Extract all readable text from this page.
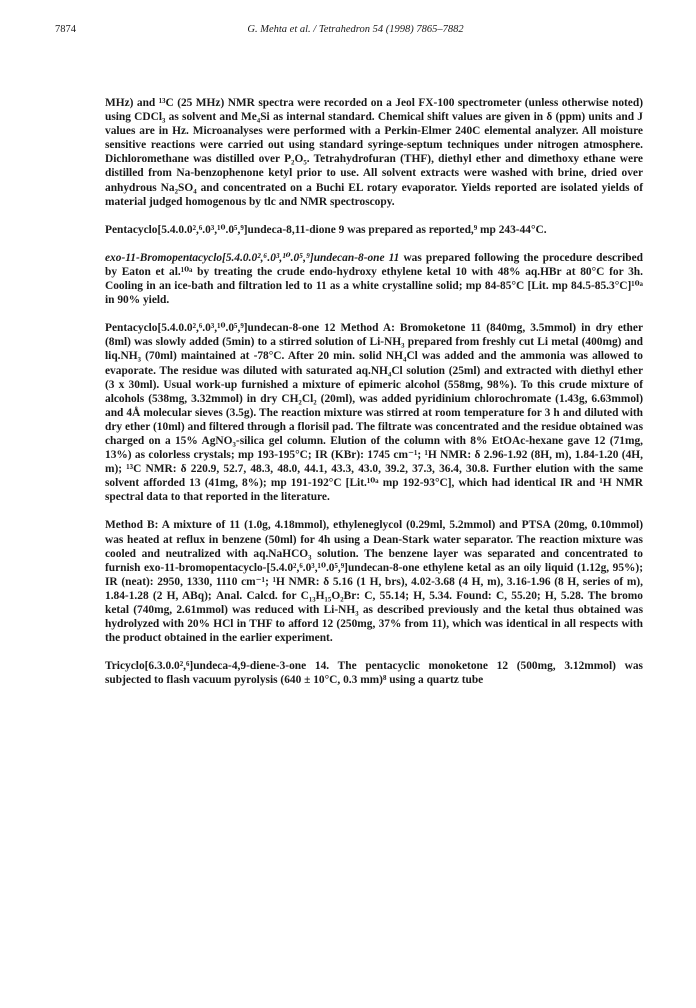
7874	G. Mehta et al. / Tetrahedron 54 (1998) 7865–7882

MHz) and ¹³C (25 MHz) NMR spectra were recorded on a Jeol FX-100 spectrometer (unless otherwise noted) using CDCl₃ as solvent and Me₄Si as internal standard. Chemical shift values are given in δ (ppm) units and J values are in Hz. Microanalyses were performed with a Perkin-Elmer 240C elemental analyzer. All moisture sensitive reactions were carried out using standard syringe-septum techniques under nitrogen atmosphere. Dichloromethane was distilled over P₂O₅. Tetrahydrofuran (THF), diethyl ether and dimethoxy ethane were distilled from Na-benzophenone ketyl prior to use. All solvent extracts were washed with brine, dried over anhydrous Na₂SO₄ and concentrated on a Buchi EL rotary evaporator. Yields reported are isolated yields of material judged homogenous by tlc and NMR spectroscopy.

Pentacyclo[5.4.0.0²,⁶.0³,¹⁰.0⁵,⁹]undeca-8,11-dione 9 was prepared as reported,⁹ mp 243-44°C.

exo-11-Bromopentacyclo[5.4.0.0²,⁶.0³,¹⁰.0⁵,⁹]undecan-8-one 11 was prepared following the procedure described by Eaton et al.¹⁰ᵃ by treating the crude endo-hydroxy ethylene ketal 10 with 48% aq.HBr at 80°C for 3h. Cooling in an ice-bath and filtration led to 11 as a white crystalline solid; mp 84-85°C [Lit. mp 84.5-85.3°C]¹⁰ᵃ in 90% yield.

Pentacyclo[5.4.0.0²,⁶.0³,¹⁰.0⁵,⁹]undecan-8-one 12 Method A: Bromoketone 11 (840mg, 3.5mmol) in dry ether (8ml) was slowly added (5min) to a stirred solution of Li-NH₃ prepared from freshly cut Li metal (400mg) and liq.NH₃ (70ml) maintained at -78°C. After 20 min. solid NH₄Cl was added and the ammonia was allowed to evaporate. The residue was diluted with saturated aq.NH₄Cl solution (25ml) and extracted with diethyl ether (3 x 30ml). Usual work-up furnished a mixture of epimeric alcohol (558mg, 98%). To this crude mixture of alcohols (538mg, 3.32mmol) in dry CH₂Cl₂ (20ml), was added pyridinium chlorochromate (1.43g, 6.63mmol) and 4Å molecular sieves (3.5g). The reaction mixture was stirred at room temperature for 3 h and diluted with dry ether (10ml) and filtered through a florisil pad. The filtrate was concentrated and the residue obtained was charged on a 15% AgNO₃-silica gel column. Elution of the column with 8% EtOAc-hexane gave 12 (71mg, 13%) as colorless crystals; mp 193-195°C; IR (KBr): 1745 cm⁻¹; ¹H NMR: δ 2.96-1.92 (8H, m), 1.84-1.20 (4H, m); ¹³C NMR: δ 220.9, 52.7, 48.3, 48.0, 44.1, 43.3, 43.0, 39.2, 37.3, 36.4, 30.8. Further elution with the same solvent afforded 13 (41mg, 8%); mp 191-192°C [Lit.¹⁰ᵃ mp 192-93°C], which had identical IR and ¹H NMR spectral data to that reported in the literature.

Method B: A mixture of 11 (1.0g, 4.18mmol), ethyleneglycol (0.29ml, 5.2mmol) and PTSA (20mg, 0.10mmol) was heated at reflux in benzene (50ml) for 4h using a Dean-Stark water separator. The reaction mixture was cooled and neutralized with aq.NaHCO₃ solution. The benzene layer was separated and concentrated to furnish exo-11-bromopentacyclo-[5.4.0²,⁶.0³,¹⁰.0⁵,⁹]undecan-8-one ethylene ketal as an oily liquid (1.12g, 95%); IR (neat): 2950, 1330, 1110 cm⁻¹; ¹H NMR: δ 5.16 (1 H, brs), 4.02-3.68 (4 H, m), 3.16-1.96 (8 H, series of m), 1.84-1.28 (2 H, ABq); Anal. Calcd. for C₁₃H₁₅O₂Br: C, 55.14; H, 5.34. Found: C, 55.20; H, 5.28. The bromo ketal (740mg, 2.61mmol) was reduced with Li-NH₃ as described previously and the ketal thus obtained was hydrolyzed with 20% HCl in THF to afford 12 (250mg, 37% from 11), which was identical in all respects with the product obtained in the earlier experiment.

Tricyclo[6.3.0.0²,⁶]undeca-4,9-diene-3-one 14. The pentacyclic monoketone 12 (500mg, 3.12mmol) was subjected to flash vacuum pyrolysis (640 ± 10°C, 0.3 mm)⁸ using a quartz tube
